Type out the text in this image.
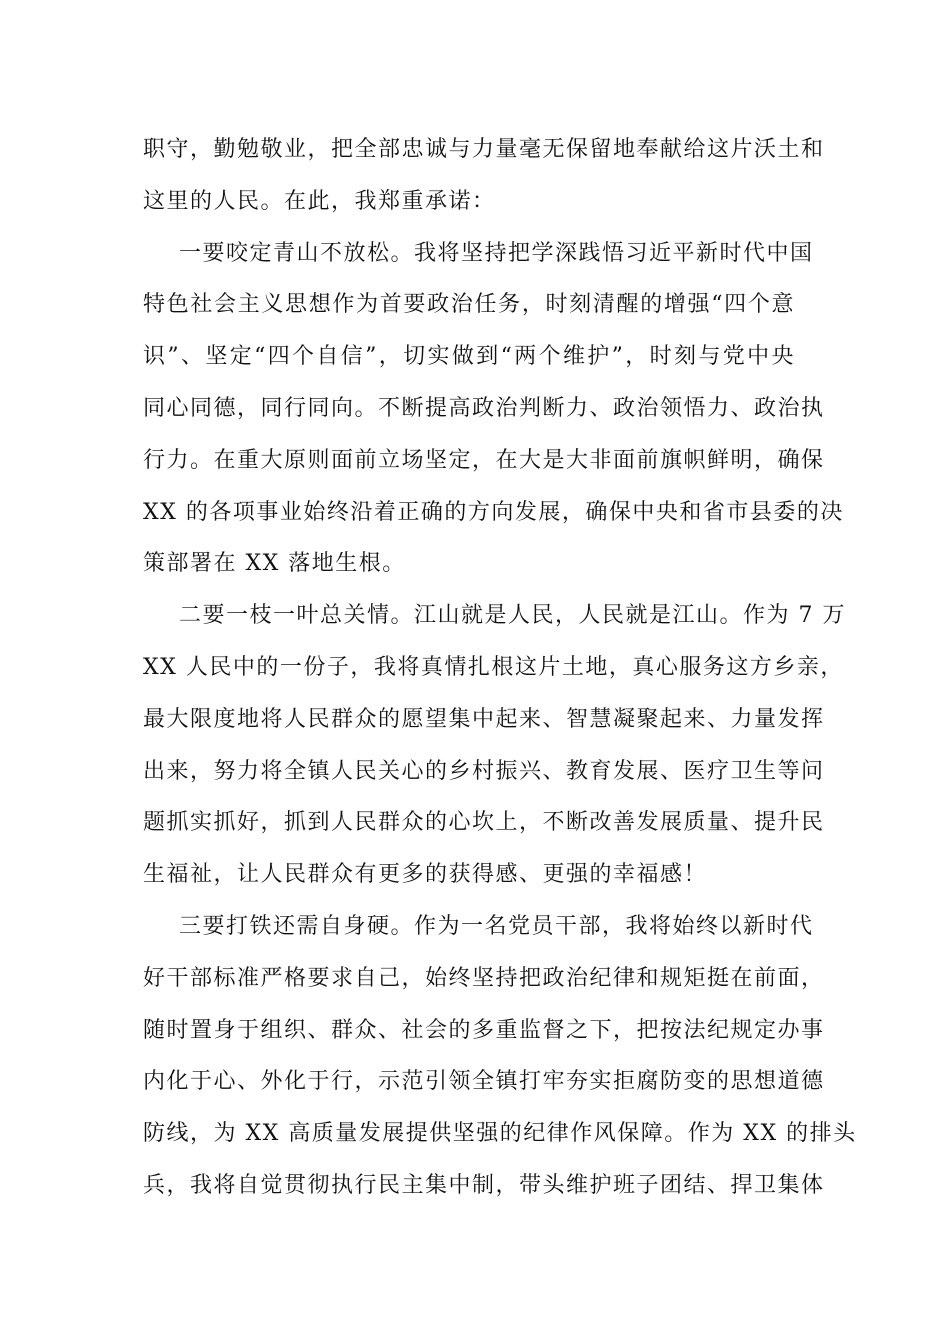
职守，勤勉敬业，把全部忠诚与力量毫无保留地奉献给这片沃土和
这里的人民。在此，我郑重承诺：
一要咬定青山不放松。我将坚持把学深践悟习近平新时代中国
特色社会主义思想作为首要政治任务，时刻清醒的增强“四个意
识”、坚定“四个自信”，切实做到“两个维护”，时刻与党中央
同心同德，同行同向。不断提高政治判断力、政治领悟力、政治执
行力。在重大原则面前立场坚定，在大是大非面前旗帜鲜明，确保
XX 的各项事业始终沿着正确的方向发展，确保中央和省市县委的决
策部署在 XX 落地生根。
二要一枝一叶总关情。江山就是人民，人民就是江山。作为 7 万
XX 人民中的一份子，我将真情扎根这片土地，真心服务这方乡亲，
最大限度地将人民群众的愿望集中起来、智慧凝聚起来、力量发挥
出来，努力将全镇人民关心的乡村振兴、教育发展、医疗卫生等问
题抓实抓好，抓到人民群众的心坎上，不断改善发展质量、提升民
生福祉，让人民群众有更多的获得感、更强的幸福感！
三要打铁还需自身硬。作为一名党员干部，我将始终以新时代
好干部标准严格要求自己，始终坚持把政治纪律和规矩挺在前面，
随时置身于组织、群众、社会的多重监督之下，把按法纪规定办事
内化于心、外化于行，示范引领全镇打牢夯实拒腐防变的思想道德
防线，为 XX 高质量发展提供坚强的纪律作风保障。作为 XX 的排头
兵，我将自觉贯彻执行民主集中制，带头维护班子团结、捍卫集体
